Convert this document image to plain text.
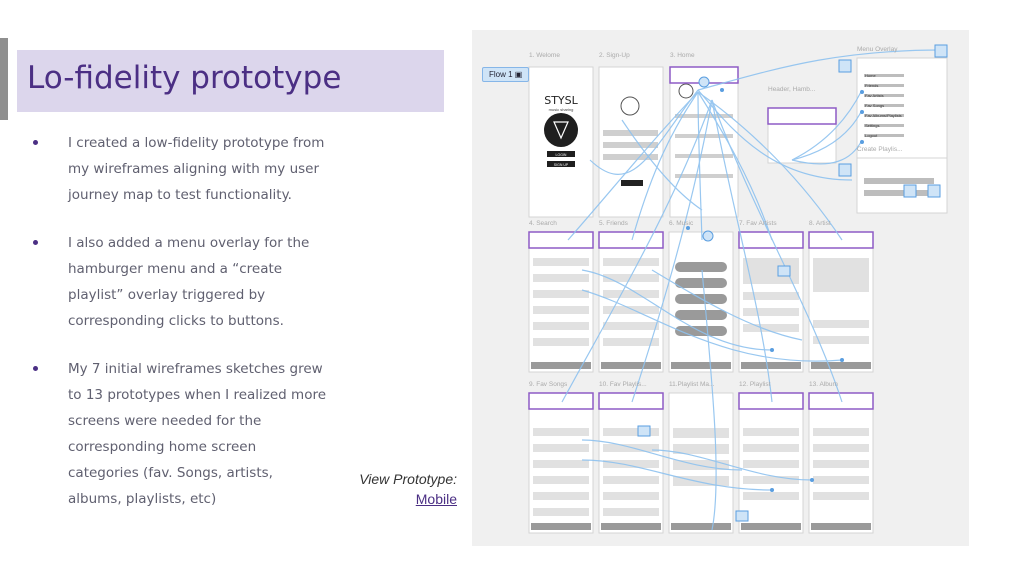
Lo-fidelity prototype
I created a low-fidelity prototype from my wireframes aligning with my user journey map to test functionality.
I also added a menu overlay for the hamburger menu and a “create playlist” overlay triggered by corresponding clicks to buttons.
My 7 initial wireframes sketches grew to 13 prototypes when I realized more screens were needed for the corresponding home screen categories (fav. Songs, artists, albums, playlists, etc)
View Prototype:
Mobile
STYSL
music sharing
LOGIN
SIGN UP
Flow 1 ▣
1. Welome	2. Sign-Up	3. Home
4. Search	5. Friends	6. Music	7. Fav Artists	8. Artist
9. Fav Songs	10. Fav Playlis...	11.Playlist Ma...	12. Playlist	13. Album
Menu Overlay
Create Playlis...
Header, Hamb...
Home
Friends
Fav Artists
Fav Songs
Fav Albums/Playlists
Settings
Logout
